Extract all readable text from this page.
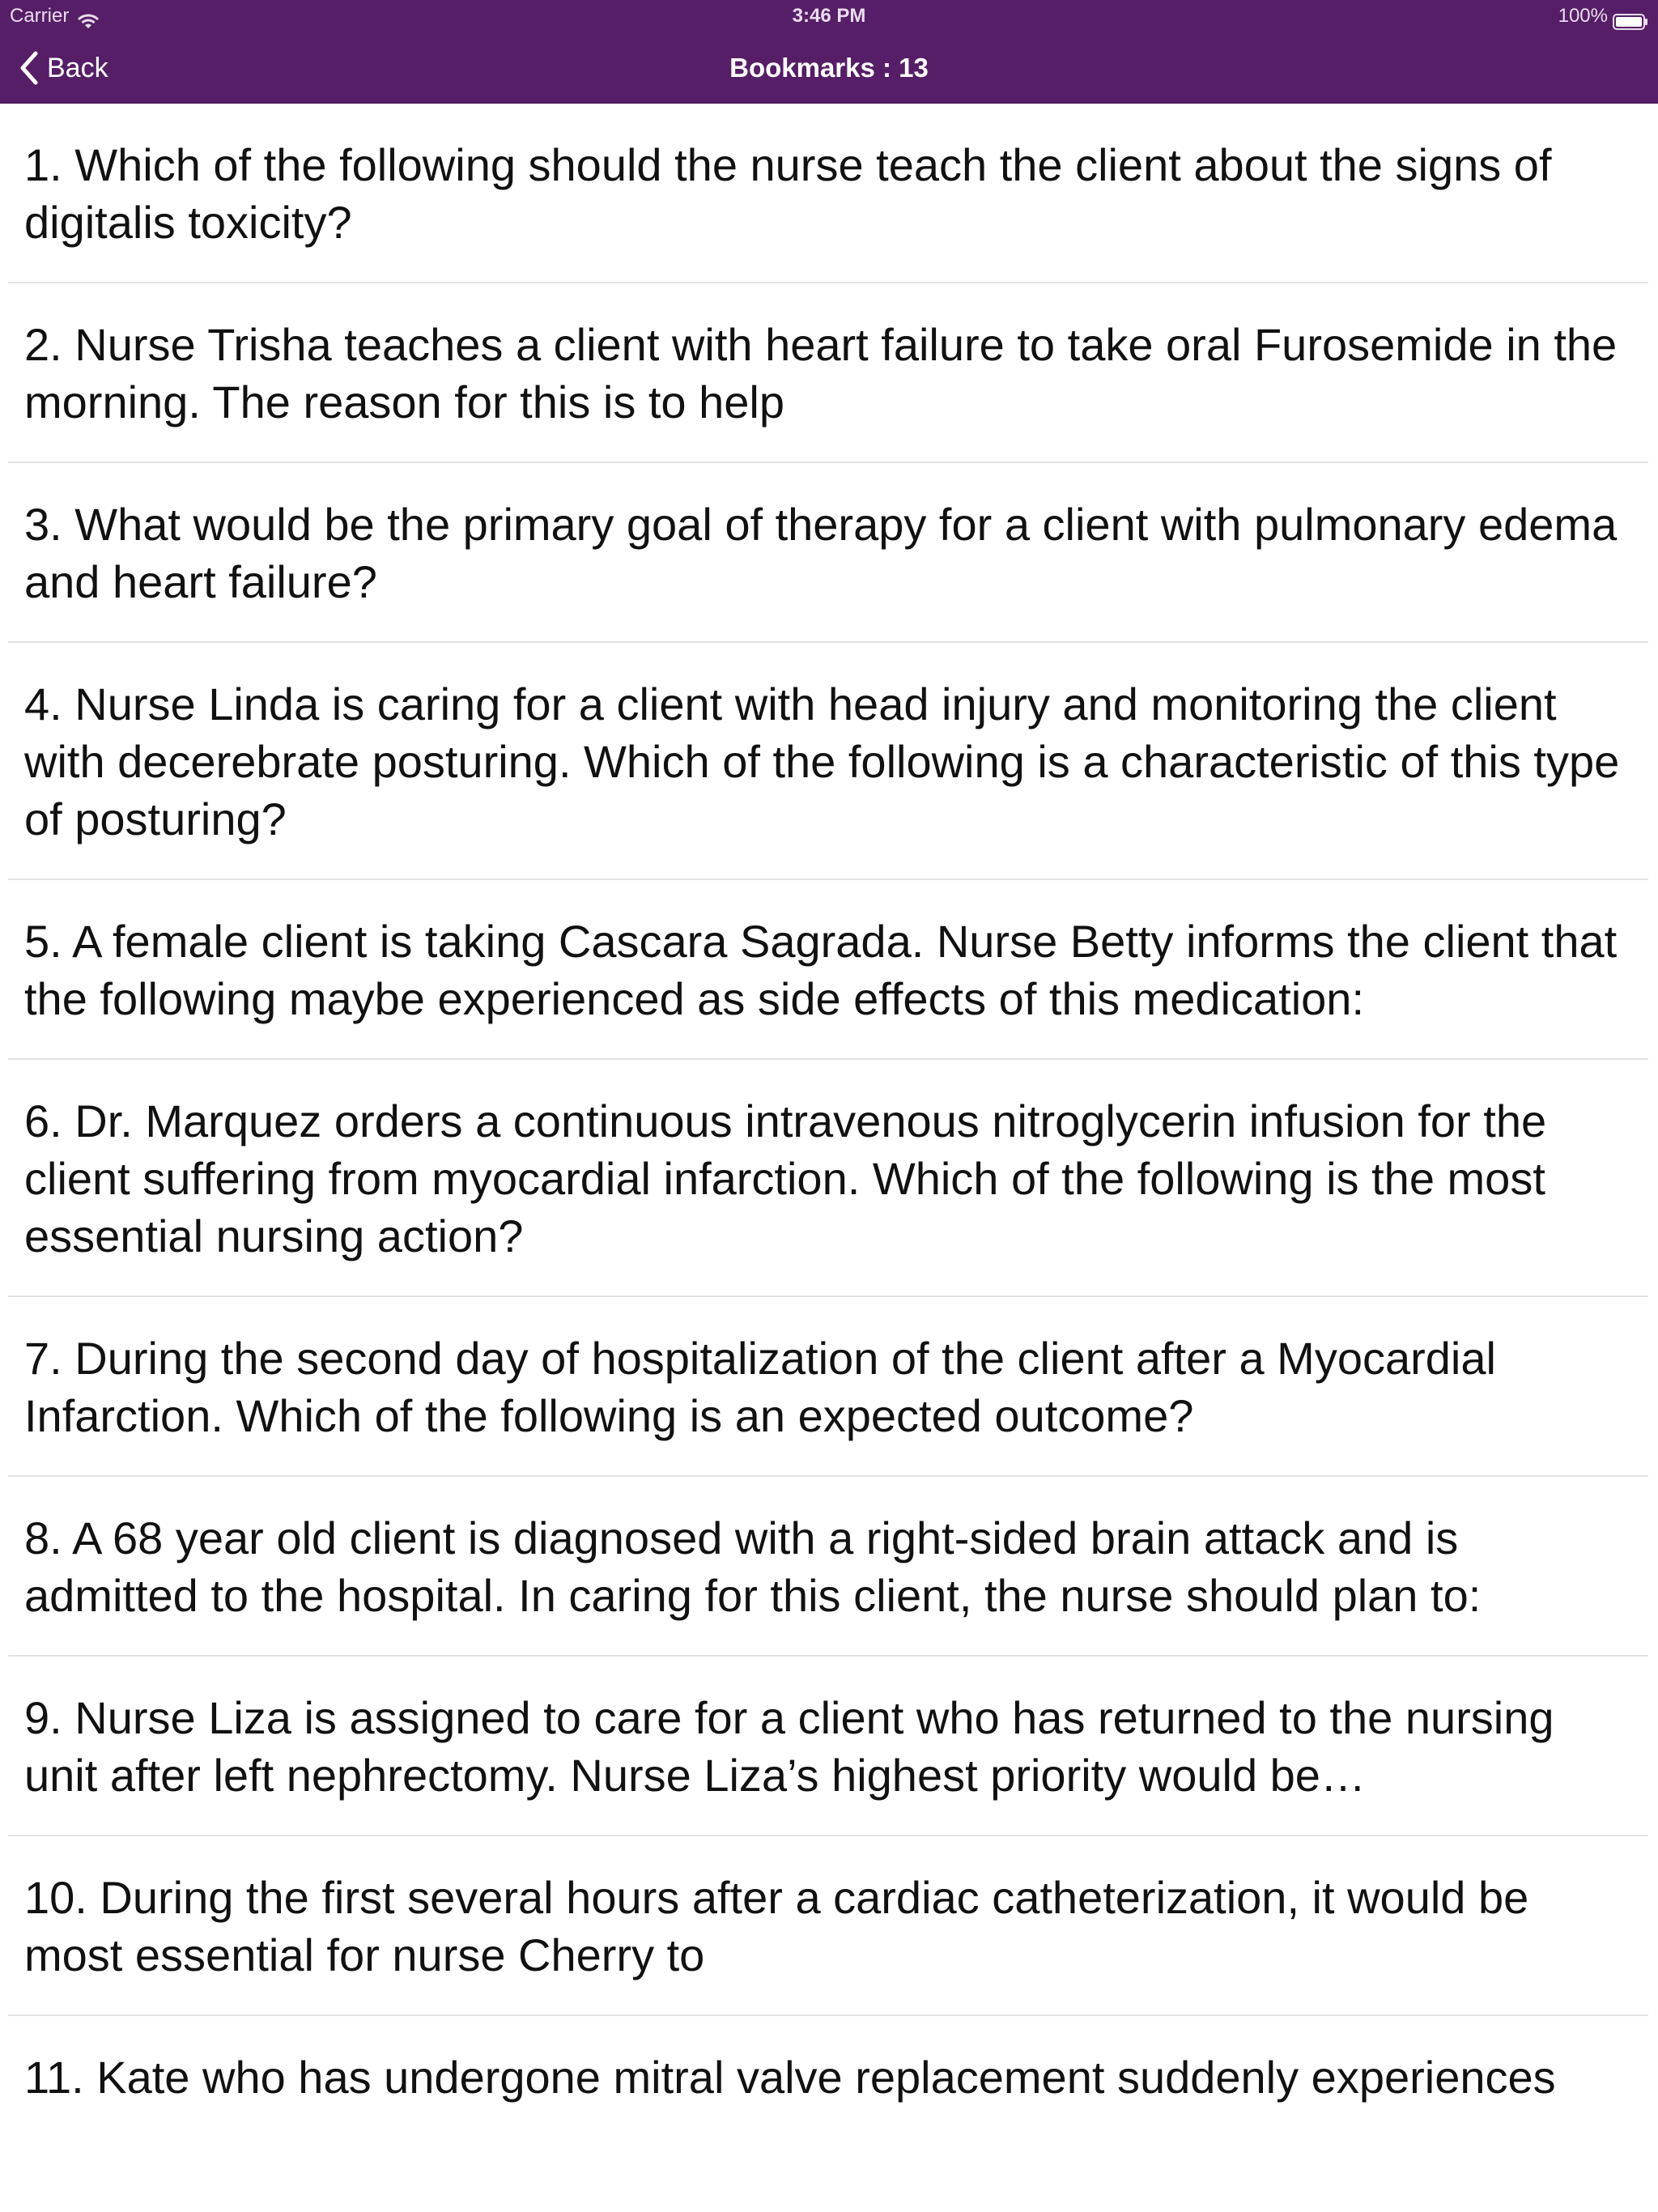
Carrier	3:46 PM	100%
Back	Bookmarks : 13
1. Which of the following should the nurse teach the client about the signs of digitalis toxicity?
2. Nurse Trisha teaches a client with heart failure to take oral Furosemide in the morning. The reason for this is to help
3. What would be the primary goal of therapy for a client with pulmonary edema and heart failure?
4. Nurse Linda is caring for a client with head injury and monitoring the client with decerebrate posturing. Which of the following is a characteristic of this type of posturing?
5. A female client is taking Cascara Sagrada. Nurse Betty informs the client that the following maybe experienced as side effects of this medication:
6. Dr. Marquez orders a continuous intravenous nitroglycerin infusion for the client suffering from myocardial infarction. Which of the following is the most essential nursing action?
7. During the second day of hospitalization of the client after a Myocardial Infarction. Which of the following is an expected outcome?
8. A 68 year old client is diagnosed with a right-sided brain attack and is admitted to the hospital. In caring for this client, the nurse should plan to:
9. Nurse Liza is assigned to care for a client who has returned to the nursing unit after left nephrectomy. Nurse Liza’s highest priority would be…
10. During the first several hours after a cardiac catheterization, it would be most essential for nurse Cherry to
11. Kate who has undergone mitral valve replacement suddenly experiences
